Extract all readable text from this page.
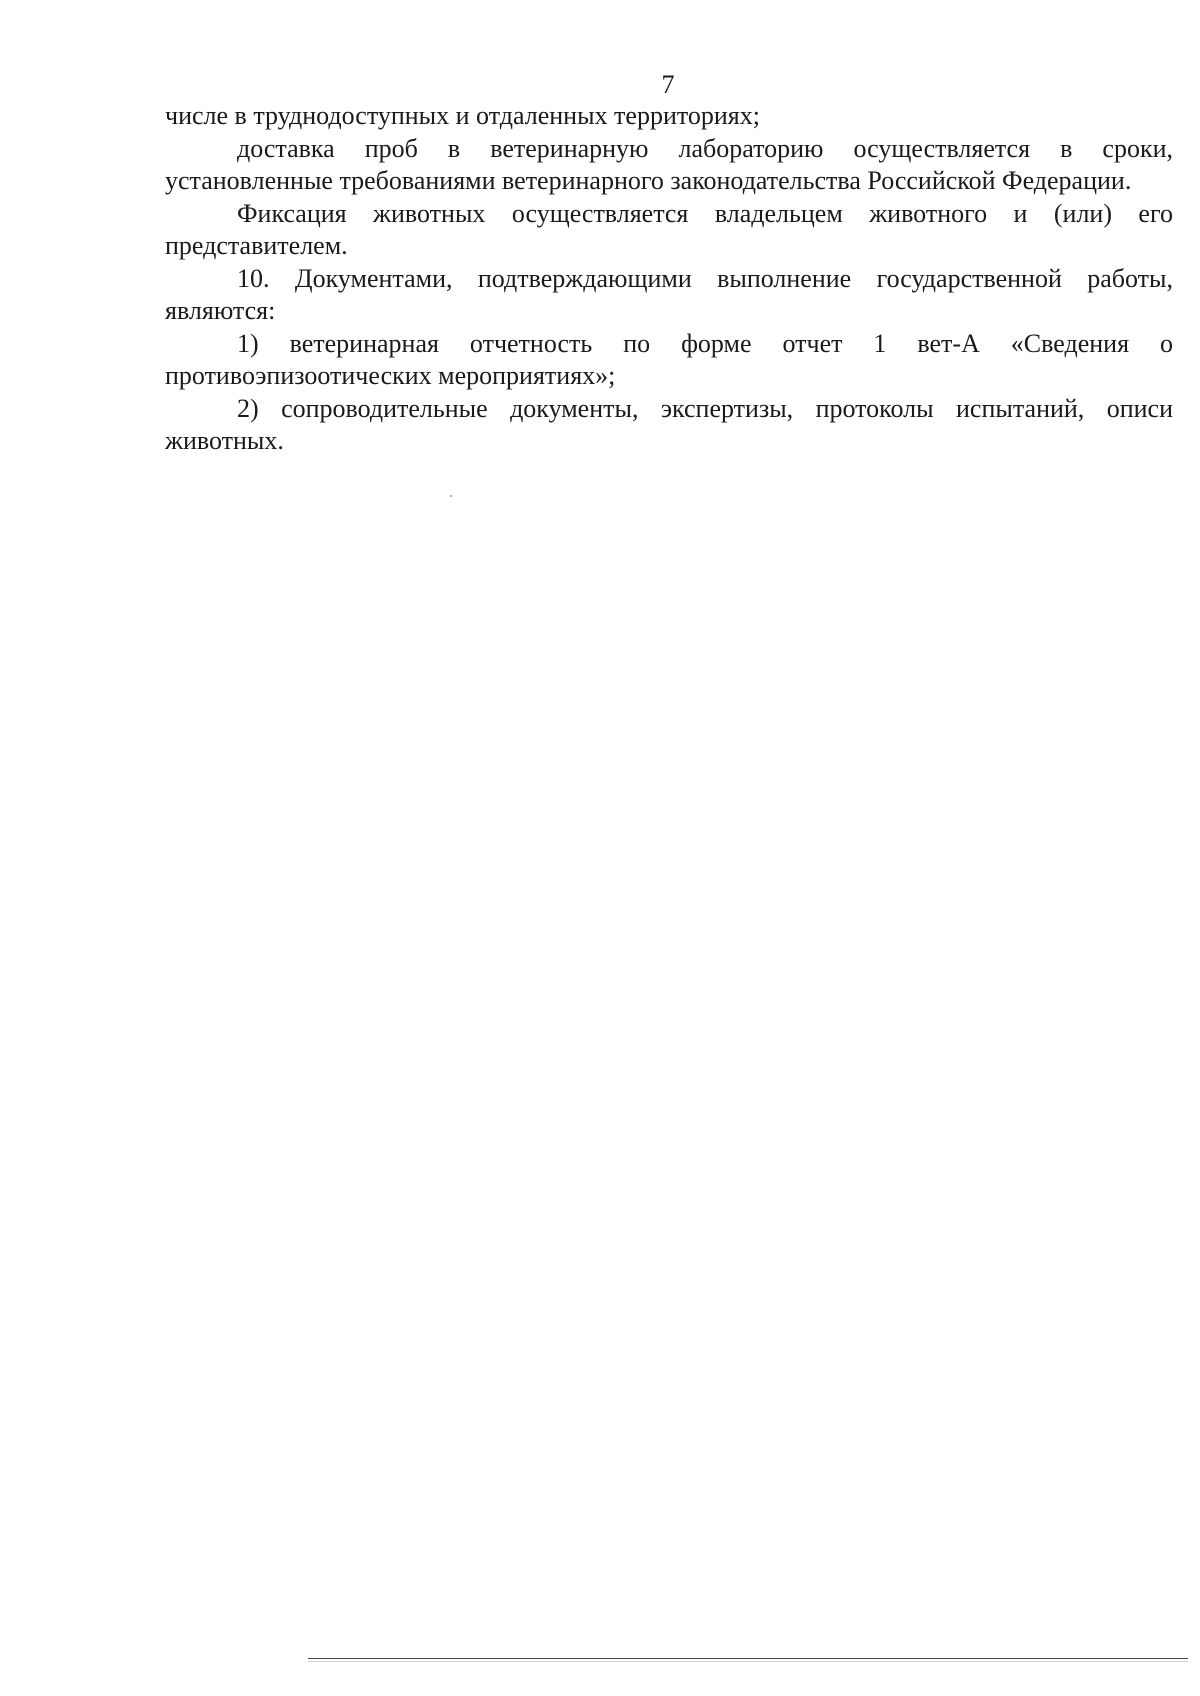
7

числе в труднодоступных и отдаленных территориях;

доставка проб в ветеринарную лабораторию осуществляется в сроки, установленные требованиями ветеринарного законодательства Российской Федерации.

Фиксация животных осуществляется владельцем животного и (или) его представителем.

10. Документами, подтверждающими выполнение государственной работы, являются:

1) ветеринарная отчетность по форме отчет 1 вет-А «Сведения о противоэпизоотических мероприятиях»;

2) сопроводительные документы, экспертизы, протоколы испытаний, описи животных.
